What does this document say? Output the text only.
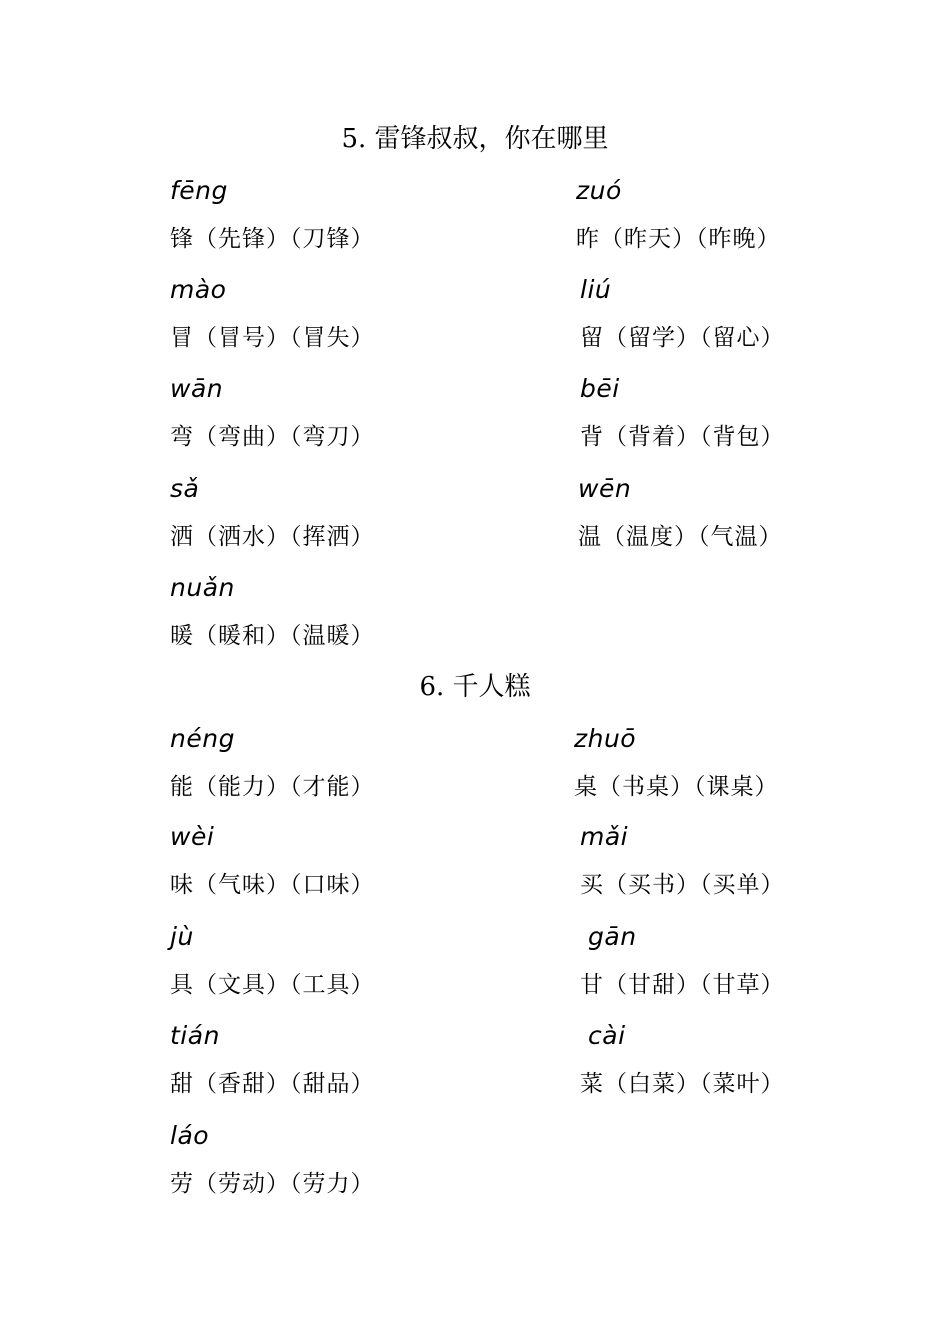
5. 雷锋叔叔，你在哪里
fēng
锋（先锋）（刀锋）
zuó
昨（昨天）（昨晚）
mào
冒（冒号）（冒失）
liú
留（留学）（留心）
wān
弯（弯曲）（弯刀）
bēi
背（背着）（背包）
sǎ
洒（洒水）（挥洒）
wēn
温（温度）（气温）
nuǎn
暖（暖和）（温暖）
6. 千人糕
néng
能（能力）（才能）
zhuō
桌（书桌）（课桌）
wèi
味（气味）（口味）
mǎi
买（买书）（买单）
jù
具（文具）（工具）
gān
甘（甘甜）（甘草）
tián
甜（香甜）（甜品）
cài
菜（白菜）（菜叶）
láo
劳（劳动）（劳力）
